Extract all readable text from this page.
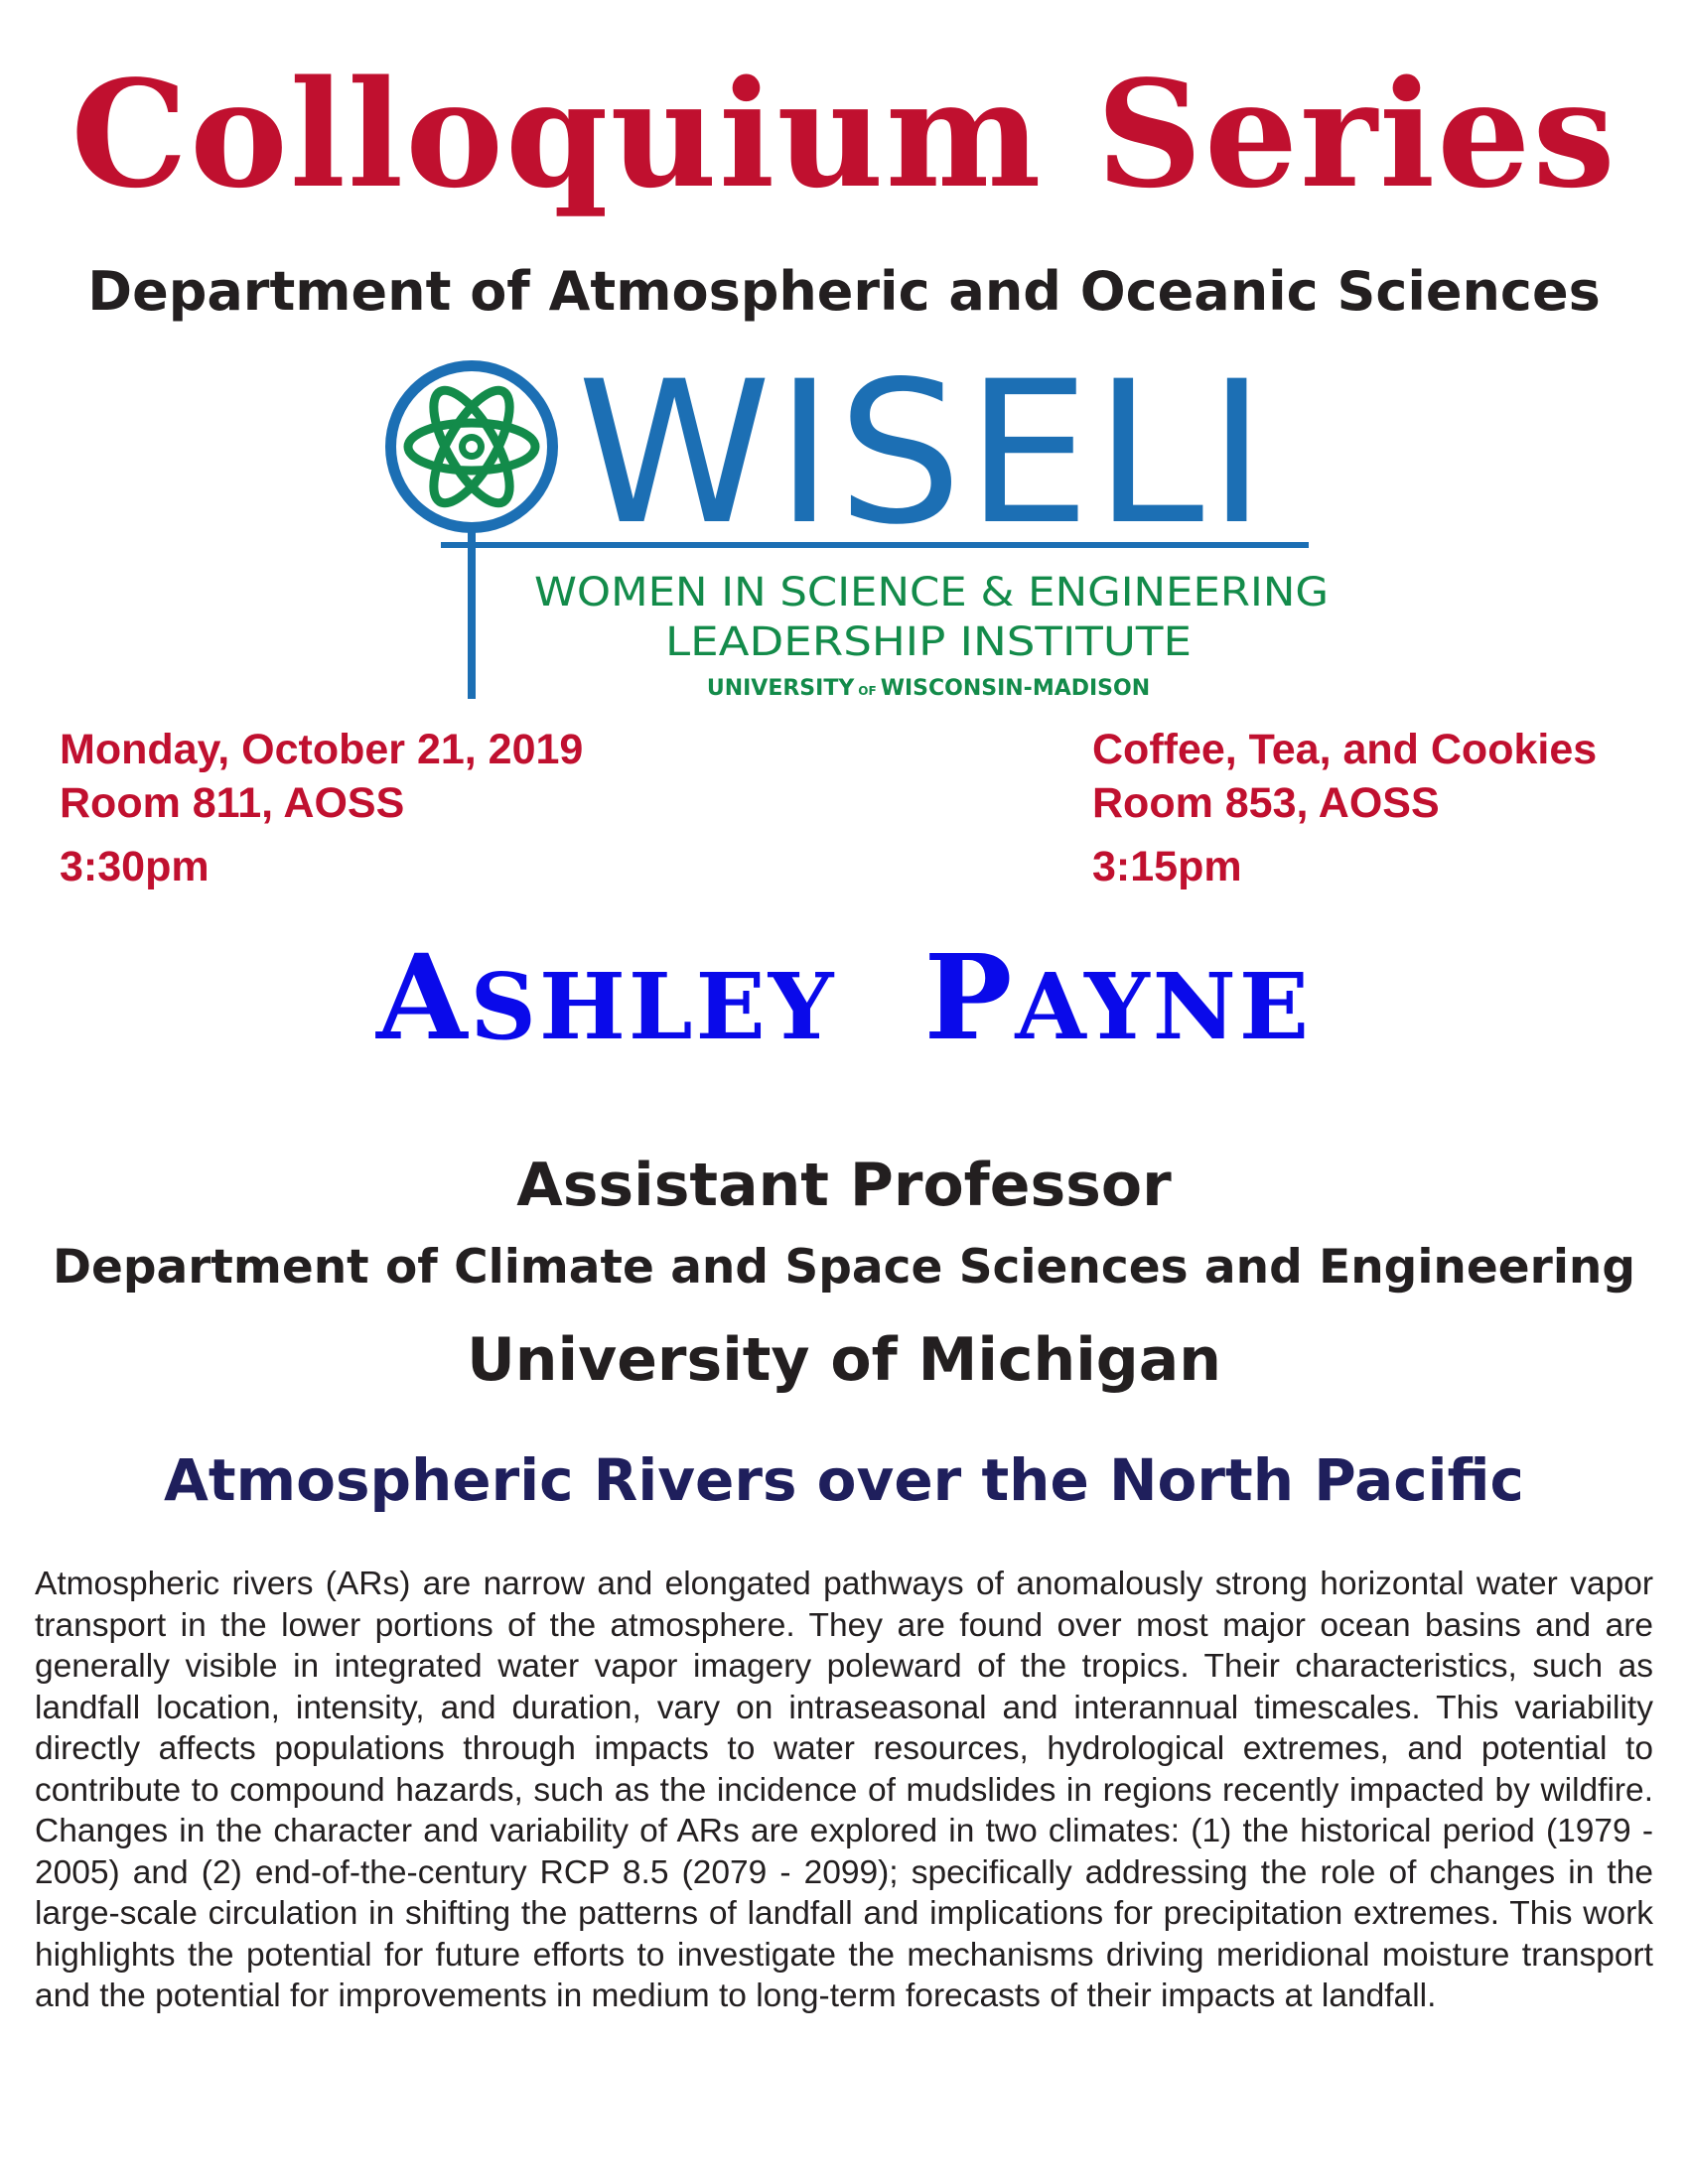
Colloquium Series
Department of Atmospheric and Oceanic Sciences
WISELI
WOMEN IN SCIENCE & ENGINEERING
LEADERSHIP INSTITUTE
UNIVERSITY OF WISCONSIN-MADISON
Monday, October 21, 2019
Room 811, AOSS
3:30pm
Coffee, Tea, and Cookies
Room 853, AOSS
3:15pm
ASHLEY PAYNE
Assistant Professor
Department of Climate and Space Sciences and Engineering
University of Michigan
Atmospheric Rivers over the North Pacific
Atmospheric rivers (ARs) are narrow and elongated pathways of anomalously strong horizontal water vapor transport in the lower portions of the atmosphere. They are found over most major ocean basins and are generally visible in integrated water vapor imagery poleward of the tropics. Their characteristics, such as landfall location, intensity, and duration, vary on intraseasonal and interannual timescales. This variability directly affects populations through impacts to water resources, hydrological extremes, and potential to contribute to compound hazards, such as the incidence of mudslides in regions recently impacted by wildfire. Changes in the character and variability of ARs are explored in two climates: (1) the historical period (1979 - 2005) and (2) end-of-the-century RCP 8.5 (2079 - 2099); specifically addressing the role of changes in the large-scale circulation in shifting the patterns of landfall and implications for precipitation extremes. This work highlights the potential for future efforts to investigate the mechanisms driving meridional moisture transport and the potential for improvements in medium to long-term forecasts of their impacts at landfall.
